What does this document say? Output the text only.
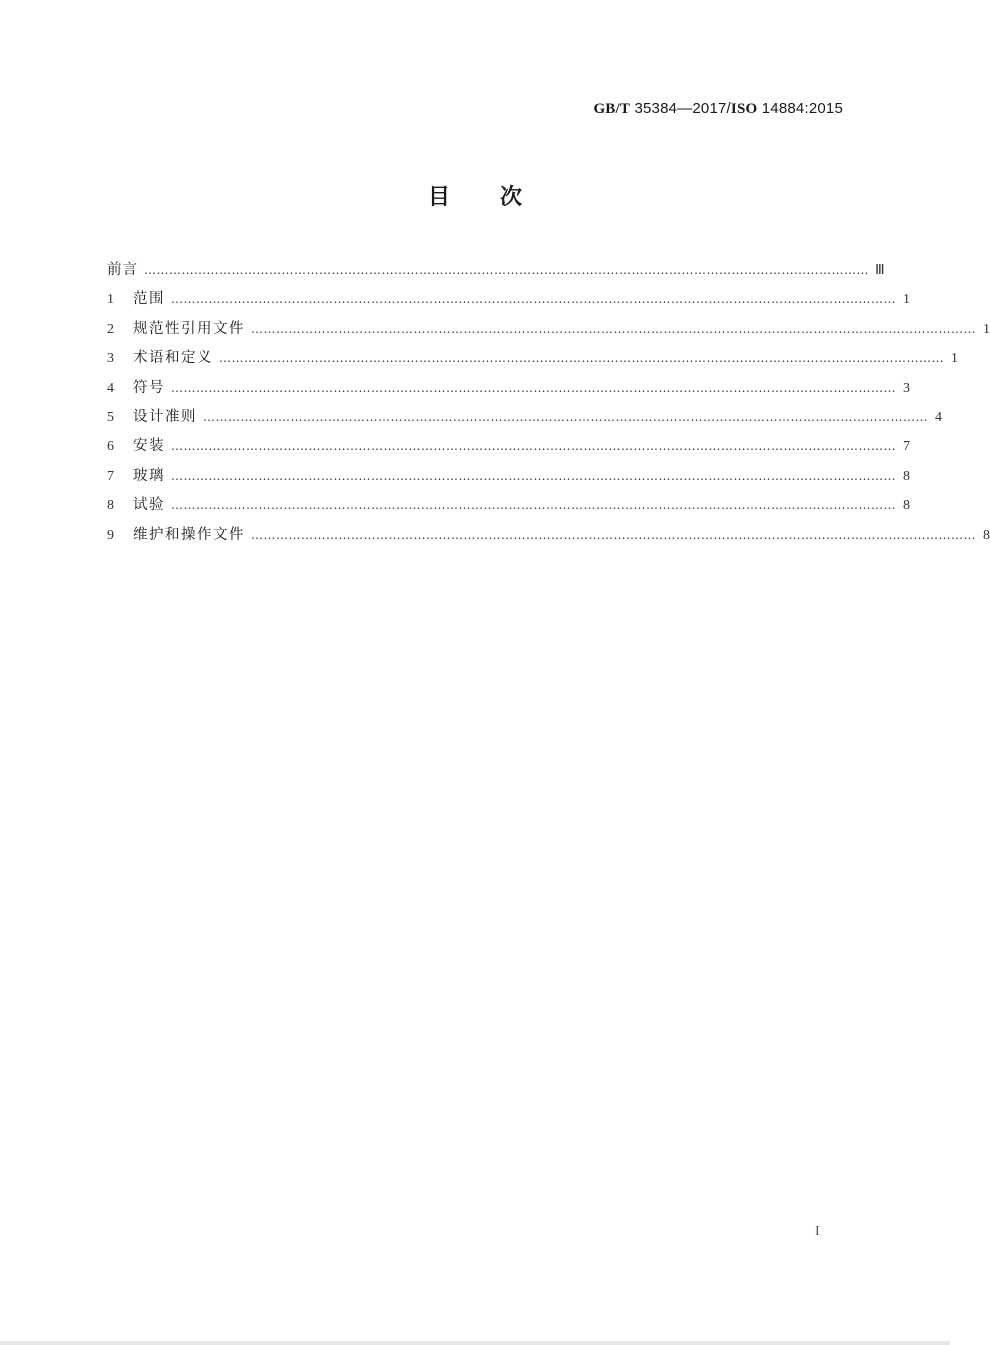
GB/T 35384—2017/ISO 14884:2015
目次
前言 ………………………………………………………………………………………………………………………………………………………… Ⅲ
1	范围 ………………………………………………………………………………………………………………………………………………………… 1
2	规范性引用文件 ………………………………………………………………………………………………………………………………………………………… 1
3	术语和定义 ………………………………………………………………………………………………………………………………………………………… 1
4	符号 ………………………………………………………………………………………………………………………………………………………… 3
5	设计准则 ………………………………………………………………………………………………………………………………………………………… 4
6	安装 ………………………………………………………………………………………………………………………………………………………… 7
7	玻璃 ………………………………………………………………………………………………………………………………………………………… 8
8	试验 ………………………………………………………………………………………………………………………………………………………… 8
9	维护和操作文件 ………………………………………………………………………………………………………………………………………………………… 8
I
